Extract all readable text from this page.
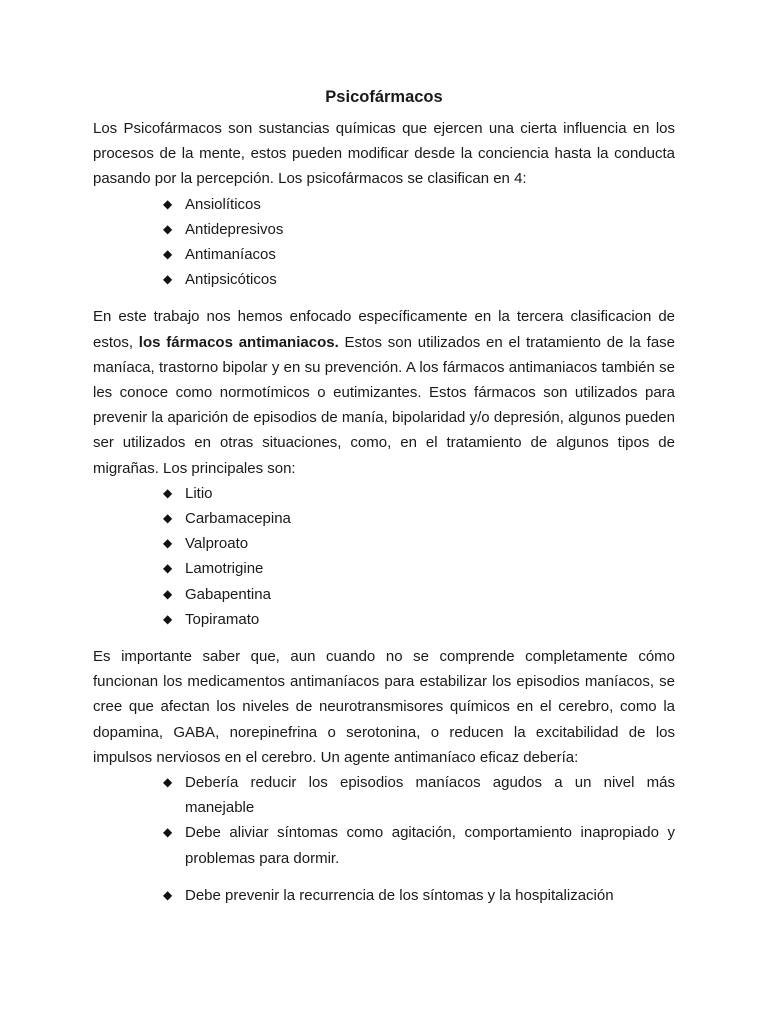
Psicofármacos

Los Psicofármacos son sustancias químicas que ejercen una cierta influencia en los procesos de la mente, estos pueden modificar desde la conciencia hasta la conducta pasando por la percepción. Los psicofármacos se clasifican en 4:

◆ Ansiolíticos
◆ Antidepresivos
◆ Antimaníacos
◆ Antipsicóticos

En este trabajo nos hemos enfocado específicamente en la tercera clasificacion de estos, los fármacos antimaniacos. Estos son utilizados en el tratamiento de la fase maníaca, trastorno bipolar y en su prevención. A los fármacos antimaniacos también se les conoce como normotímicos o eutimizantes. Estos fármacos son utilizados para prevenir la aparición de episodios de manía, bipolaridad y/o depresión, algunos pueden ser utilizados en otras situaciones, como, en el tratamiento de algunos tipos de migrañas. Los principales son:

◆ Litio
◆ Carbamacepina
◆ Valproato
◆ Lamotrigine
◆ Gabapentina
◆ Topiramato

Es importante saber que, aun cuando no se comprende completamente cómo funcionan los medicamentos antimaníacos para estabilizar los episodios maníacos, se cree que afectan los niveles de neurotransmisores químicos en el cerebro, como la dopamina, GABA, norepinefrina o serotonina, o reducen la excitabilidad de los impulsos nerviosos en el cerebro. Un agente antimaníaco eficaz debería:

◆ Debería reducir los episodios maníacos agudos a un nivel más manejable
◆ Debe aliviar síntomas como agitación, comportamiento inapropiado y problemas para dormir.
◆ Debe prevenir la recurrencia de los síntomas y la hospitalización
